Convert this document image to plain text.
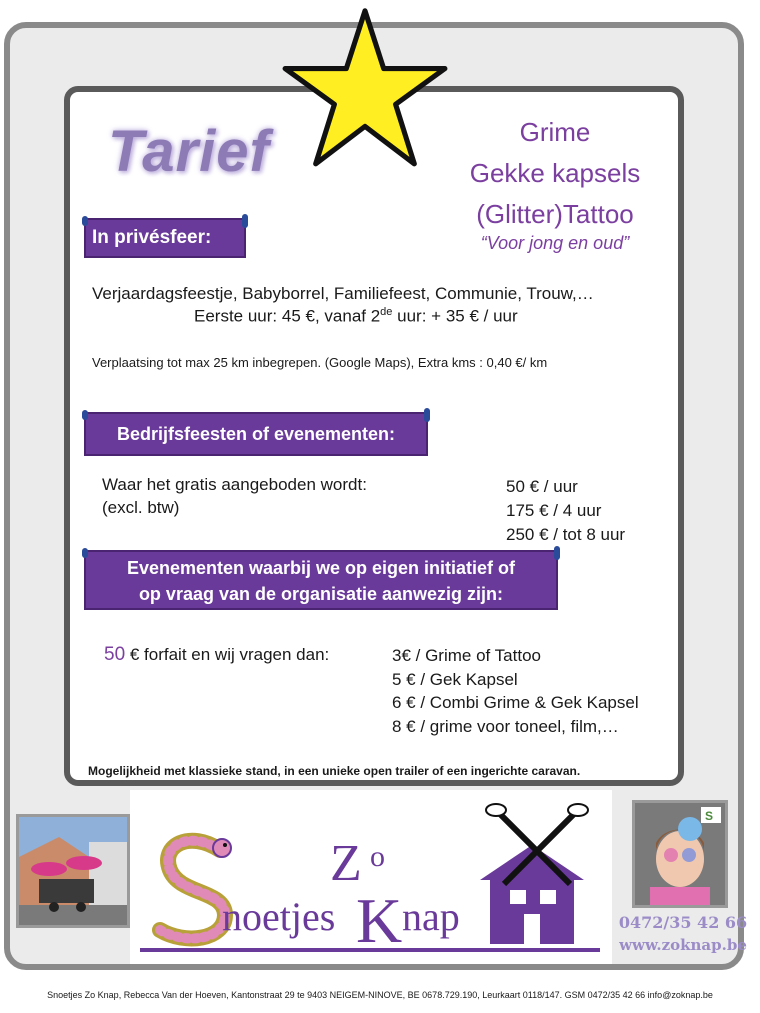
Tarief	Grime
Gekke kapsels
(Glitter)Tattoo
“Voor jong en oud”
In privésfeer:
Verjaardagsfeestje, Babyborrel, Familiefeest, Communie, Trouw,…
Eerste uur: 45 €, vanaf 2de uur: + 35 € / uur
Verplaatsing tot max 25 km inbegrepen. (Google Maps), Extra kms : 0,40 €/ km
Bedrijfsfeesten of evenementen:
Waar het gratis aangeboden wordt:
(excl. btw)
50 € / uur
175 € / 4 uur
250 € / tot 8 uur
Evenementen waarbij we op eigen initiatief of
op vraag van de organisatie aanwezig zijn:
50 € forfait en wij vragen dan:	3€ / Grime of Tattoo
5 € / Gek Kapsel
6 € / Combi Grime & Gek Kapsel
8 € / grime voor toneel, film,…
Mogelijkheid met klassieke stand, in een unieke open trailer of een ingerichte caravan.
Z o
noetjes K nap
S
0472/35 42 66
www.zoknap.be
Snoetjes Zo Knap, Rebecca Van der Hoeven, Kantonstraat 29 te 9403 NEIGEM-NINOVE, BE 0678.729.190, Leurkaart 0118/147. GSM 0472/35 42 66 info@zoknap.be
